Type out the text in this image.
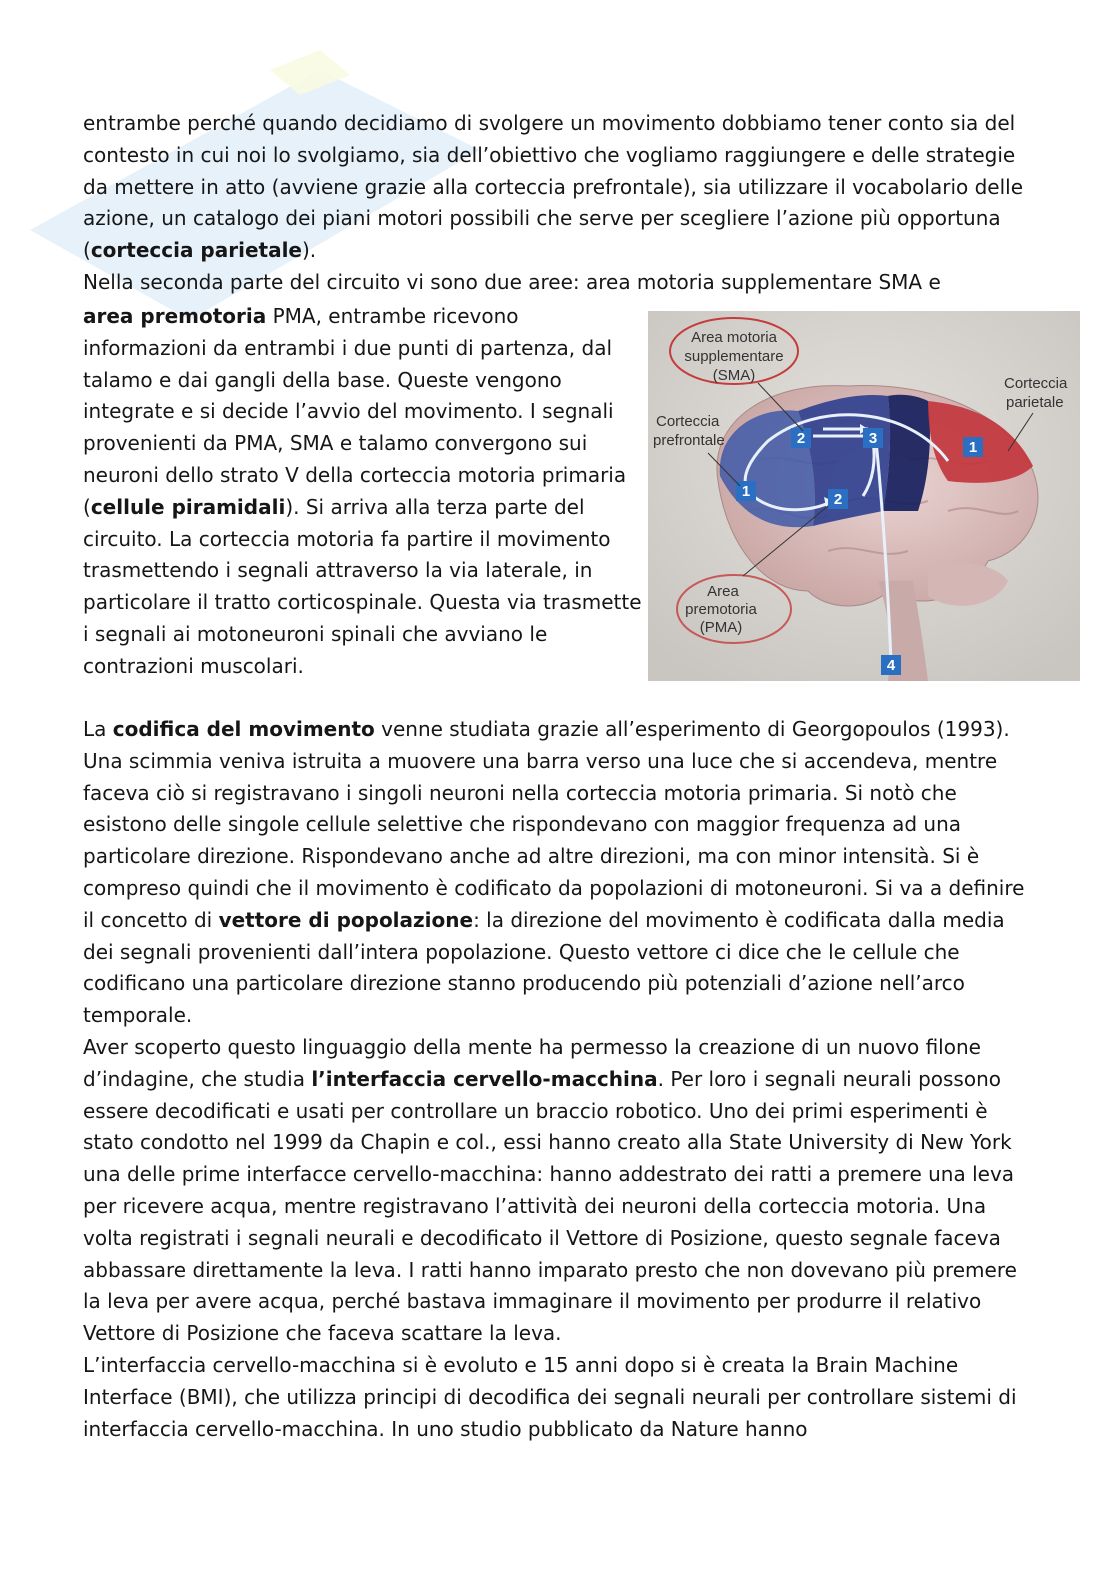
entrambe perché quando decidiamo di svolgere un movimento dobbiamo tener conto sia del contesto in cui noi lo svolgiamo, sia dell’obiettivo che vogliamo raggiungere e delle strategie da mettere in atto (avviene grazie alla corteccia prefrontale), sia utilizzare il vocabolario delle azione, un catalogo dei piani motori possibili che serve per scegliere l’azione più opportuna (corteccia parietale).

Nella seconda parte del circuito vi sono due aree: area motoria supplementare SMA e

area premotoria PMA, entrambe ricevono informazioni da entrambi i due punti di partenza, dal talamo e dai gangli della base. Queste vengono integrate e si decide l’avvio del movimento. I segnali provenienti da PMA, SMA e talamo convergono sui neuroni dello strato V della corteccia motoria primaria (cellule piramidali). Si arriva alla terza parte del circuito. La corteccia motoria fa partire il movimento trasmettendo i segnali attraverso la via laterale, in particolare il tratto corticospinale. Questa via trasmette i segnali ai motoneuroni spinali che avviano le contrazioni muscolari.

1
1
2
2
3
4
Area motoria
supplementare
(SMA)
Corteccia
prefrontale
Corteccia
parietale
Area
premotoria
(PMA)

La codifica del movimento venne studiata grazie all’esperimento di Georgopoulos (1993). Una scimmia veniva istruita a muovere una barra verso una luce che si accendeva, mentre faceva ciò si registravano i singoli neuroni nella corteccia motoria primaria. Si notò che esistono delle singole cellule selettive che rispondevano con maggior frequenza ad una particolare direzione. Rispondevano anche ad altre direzioni, ma con minor intensità. Si è compreso quindi che il movimento è codificato da popolazioni di motoneuroni. Si va a definire il concetto di vettore di popolazione: la direzione del movimento è codificata dalla media dei segnali provenienti dall’intera popolazione. Questo vettore ci dice che le cellule che codificano una particolare direzione stanno producendo più potenziali d’azione nell’arco temporale.

Aver scoperto questo linguaggio della mente ha permesso la creazione di un nuovo filone d’indagine, che studia l’interfaccia cervello-macchina. Per loro i segnali neurali possono essere decodificati e usati per controllare un braccio robotico. Uno dei primi esperimenti è stato condotto nel 1999 da Chapin e col., essi hanno creato alla State University di New York una delle prime interfacce cervello-macchina: hanno addestrato dei ratti a premere una leva per ricevere acqua, mentre registravano l’attività dei neuroni della corteccia motoria. Una volta registrati i segnali neurali e decodificato il Vettore di Posizione, questo segnale faceva abbassare direttamente la leva. I ratti hanno imparato presto che non dovevano più premere la leva per avere acqua, perché bastava immaginare il movimento per produrre il relativo Vettore di Posizione che faceva scattare la leva.

L’interfaccia cervello-macchina si è evoluto e 15 anni dopo si è creata la Brain Machine Interface (BMI), che utilizza principi di decodifica dei segnali neurali per controllare sistemi di interfaccia cervello-macchina. In uno studio pubblicato da Nature hanno
